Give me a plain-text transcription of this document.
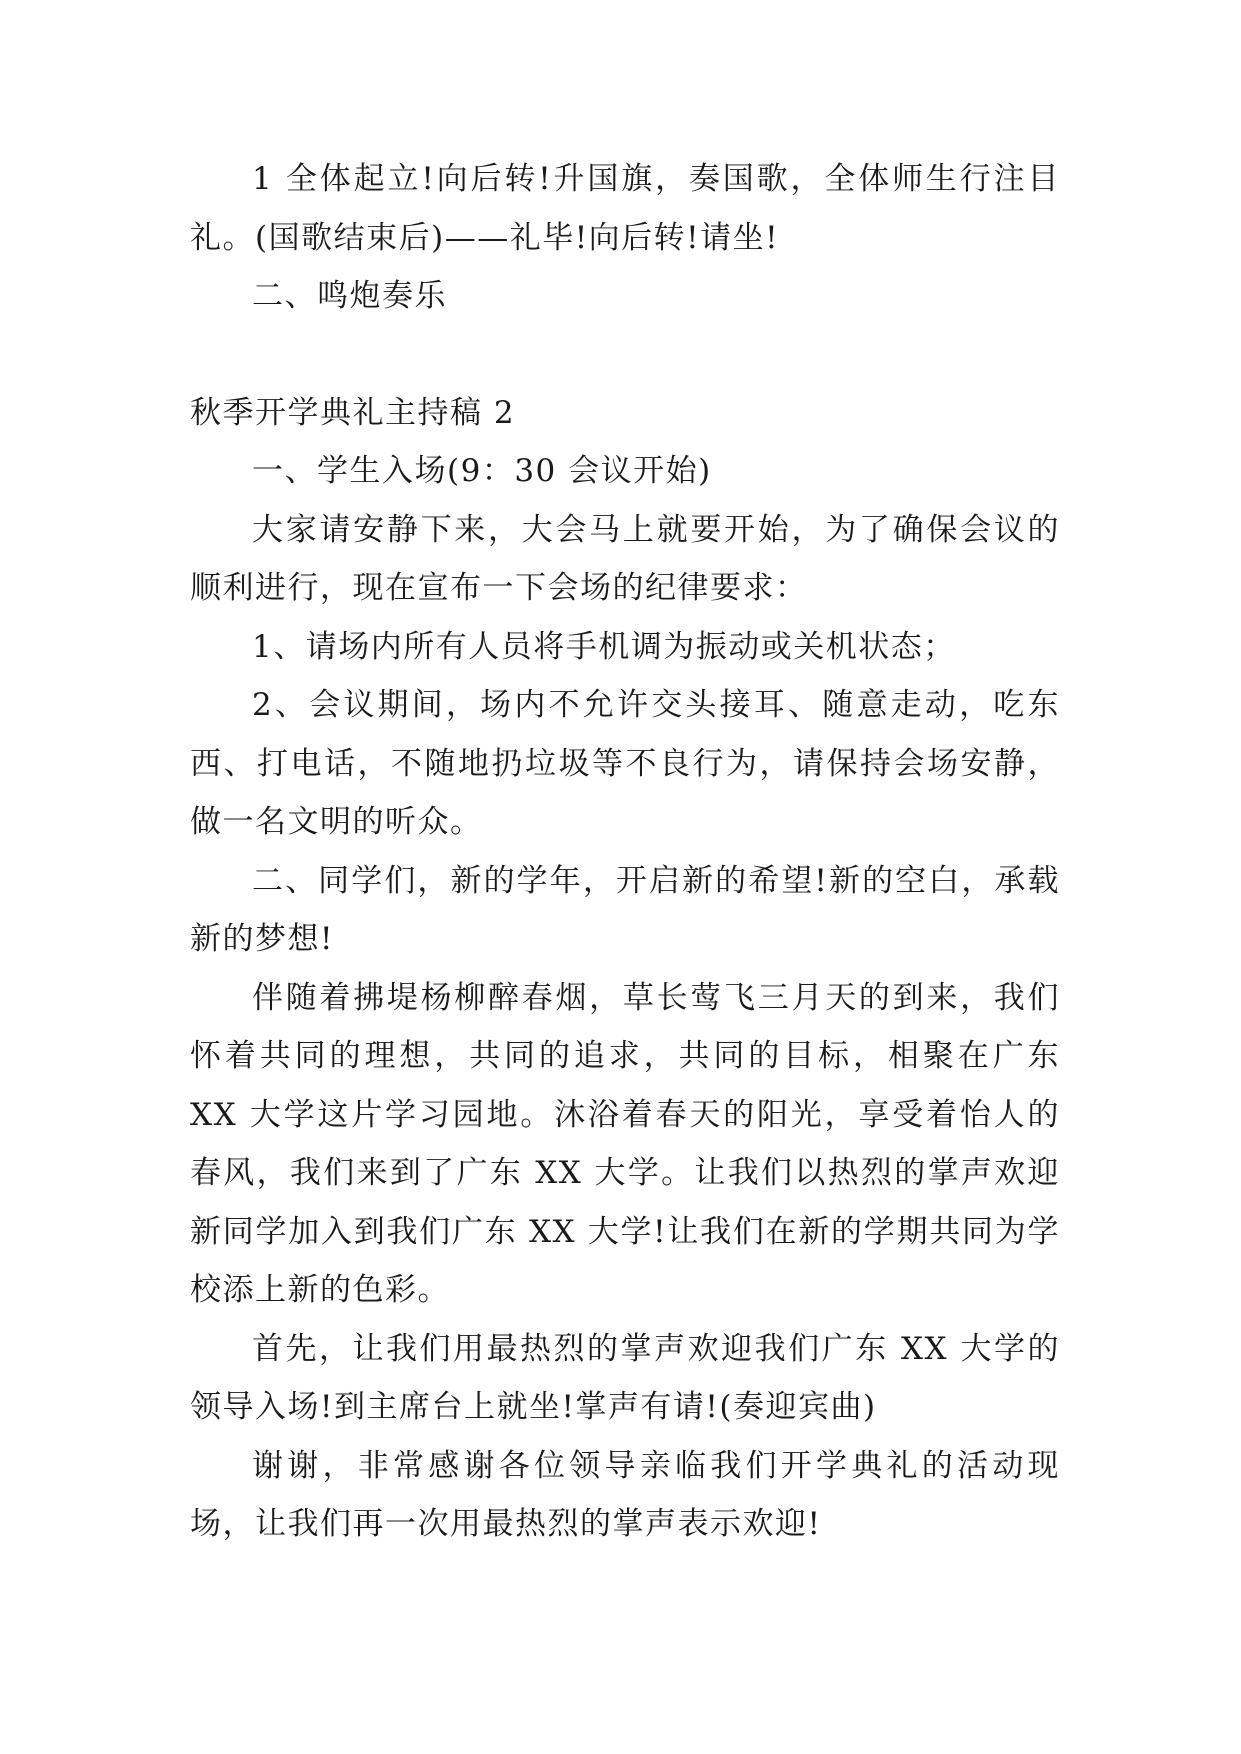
1 全体起立!向后转!升国旗，奏国歌，全体师生行注目礼。(国歌结束后)——礼毕!向后转!请坐!

二、鸣炮奏乐

秋季开学典礼主持稿 2

一、学生入场(9：30 会议开始)

大家请安静下来，大会马上就要开始，为了确保会议的顺利进行，现在宣布一下会场的纪律要求：

1、请场内所有人员将手机调为振动或关机状态；

2、会议期间，场内不允许交头接耳、随意走动，吃东西、打电话，不随地扔垃圾等不良行为，请保持会场安静，做一名文明的听众。

二、同学们，新的学年，开启新的希望!新的空白，承载新的梦想!

伴随着拂堤杨柳醉春烟，草长莺飞三月天的到来，我们怀着共同的理想，共同的追求，共同的目标，相聚在广东 XX 大学这片学习园地。沐浴着春天的阳光，享受着怡人的春风，我们来到了广东 XX 大学。让我们以热烈的掌声欢迎新同学加入到我们广东 XX 大学!让我们在新的学期共同为学校添上新的色彩。

首先，让我们用最热烈的掌声欢迎我们广东 XX 大学的领导入场!到主席台上就坐!掌声有请!(奏迎宾曲)

谢谢，非常感谢各位领导亲临我们开学典礼的活动现场，让我们再一次用最热烈的掌声表示欢迎!
